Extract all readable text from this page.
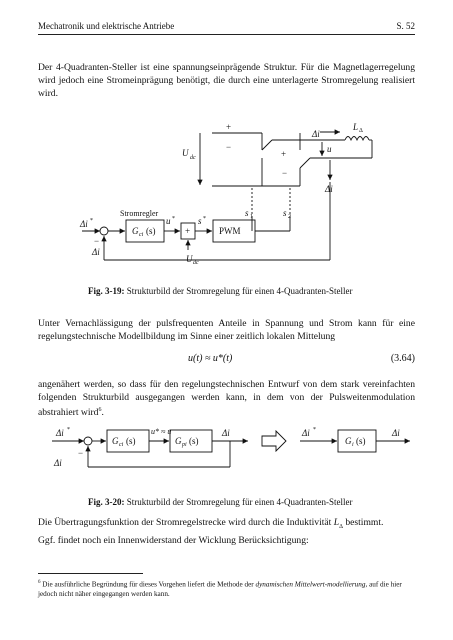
Mechatronik und elektrische Antriebe	S. 52
Der 4-Quadranten-Steller ist eine spannungseinprägende Struktur. Für die Magnetlagerregelung wird jedoch eine Stromeinprägung benötigt, die durch eine unterlagerte Stromregelung realisiert wird.
+
−
U dc	+
−
L Δ
u
Δi
Δi
s 1	s 2
Stromregler
Δi *
−
Δi
G ci (s)
u *	s *
+	PWM
U dc
Fig. 3-19: Strukturbild der Stromregelung für einen 4-Quadranten-Steller
Unter Vernachlässigung der pulsfrequenten Anteile in Spannung und Strom kann für eine regelungstechnische Modellbildung im Sinne einer zeitlich lokalen Mittelung
u(t) ≈ u*(t)	(3.64)
angenähert werden, so dass für den regelungstechnischen Entwurf von dem stark vereinfachten folgenden Strukturbild ausgegangen werden kann, in dem von der Pulsweitenmodulation abstrahiert wird$^6$.
Δi *
G ci (s)
u* ≈ u
G pi (s)
Δi
−
Δi
Δi *
G i (s)
Δi
Fig. 3-20: Strukturbild der Stromregelung für einen 4-Quadranten-Steller
Die Übertragungsfunktion der Stromregelstrecke wird durch die Induktivität $L_\Delta$ bestimmt.
Ggf. findet noch ein Innenwiderstand der Wicklung Berücksichtigung:
$^6$ Die ausführliche Begründung für dieses Vorgehen liefert die Methode der dynamischen Mittelwert-modellierung, auf die hier jedoch nicht näher eingegangen werden kann.
